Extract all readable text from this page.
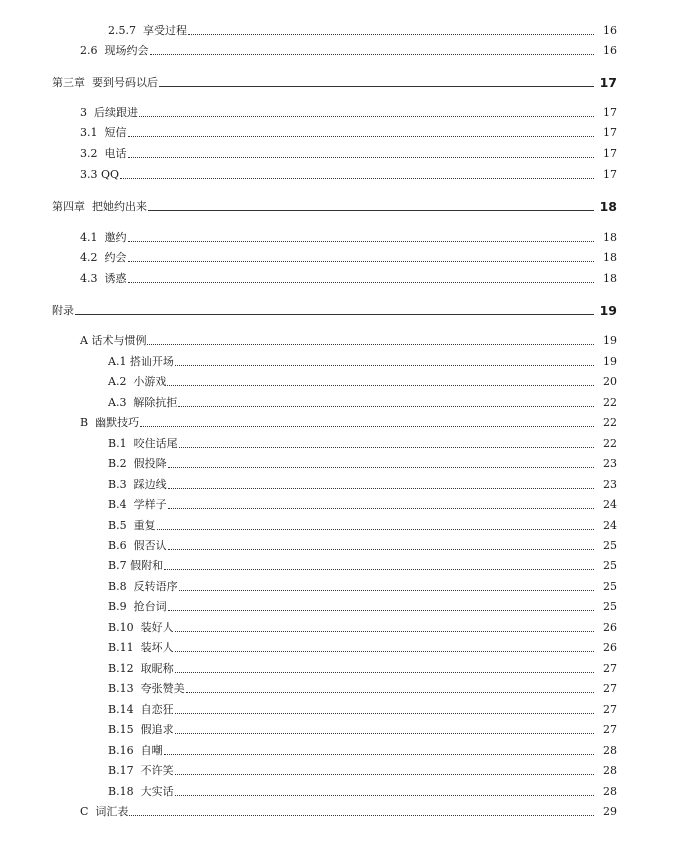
2.5.7  享受过程	16
2.6  现场约会	16
第三章  要到号码以后	17
3  后续跟进	17
3.1  短信	17
3.2  电话	17
3.3 QQ	17
第四章  把她约出来	18
4.1  邀约	18
4.2  约会	18
4.3  诱惑	18
附录	19
A 话术与惯例	19
A.1 搭讪开场	19
A.2  小游戏	20
A.3  解除抗拒	22
B  幽默技巧	22
B.1  咬住话尾	22
B.2  假投降	23
B.3  踩边线	23
B.4  学样子	24
B.5  重复	24
B.6  假否认	25
B.7 假附和	25
B.8  反转语序	25
B.9  抢台词	25
B.10  装好人	26
B.11  装坏人	26
B.12  取昵称	27
B.13  夸张赞美	27
B.14  自恋狂	27
B.15  假追求	27
B.16  自嘲	28
B.17  不许笑	28
B.18  大实话	28
C  词汇表	29
